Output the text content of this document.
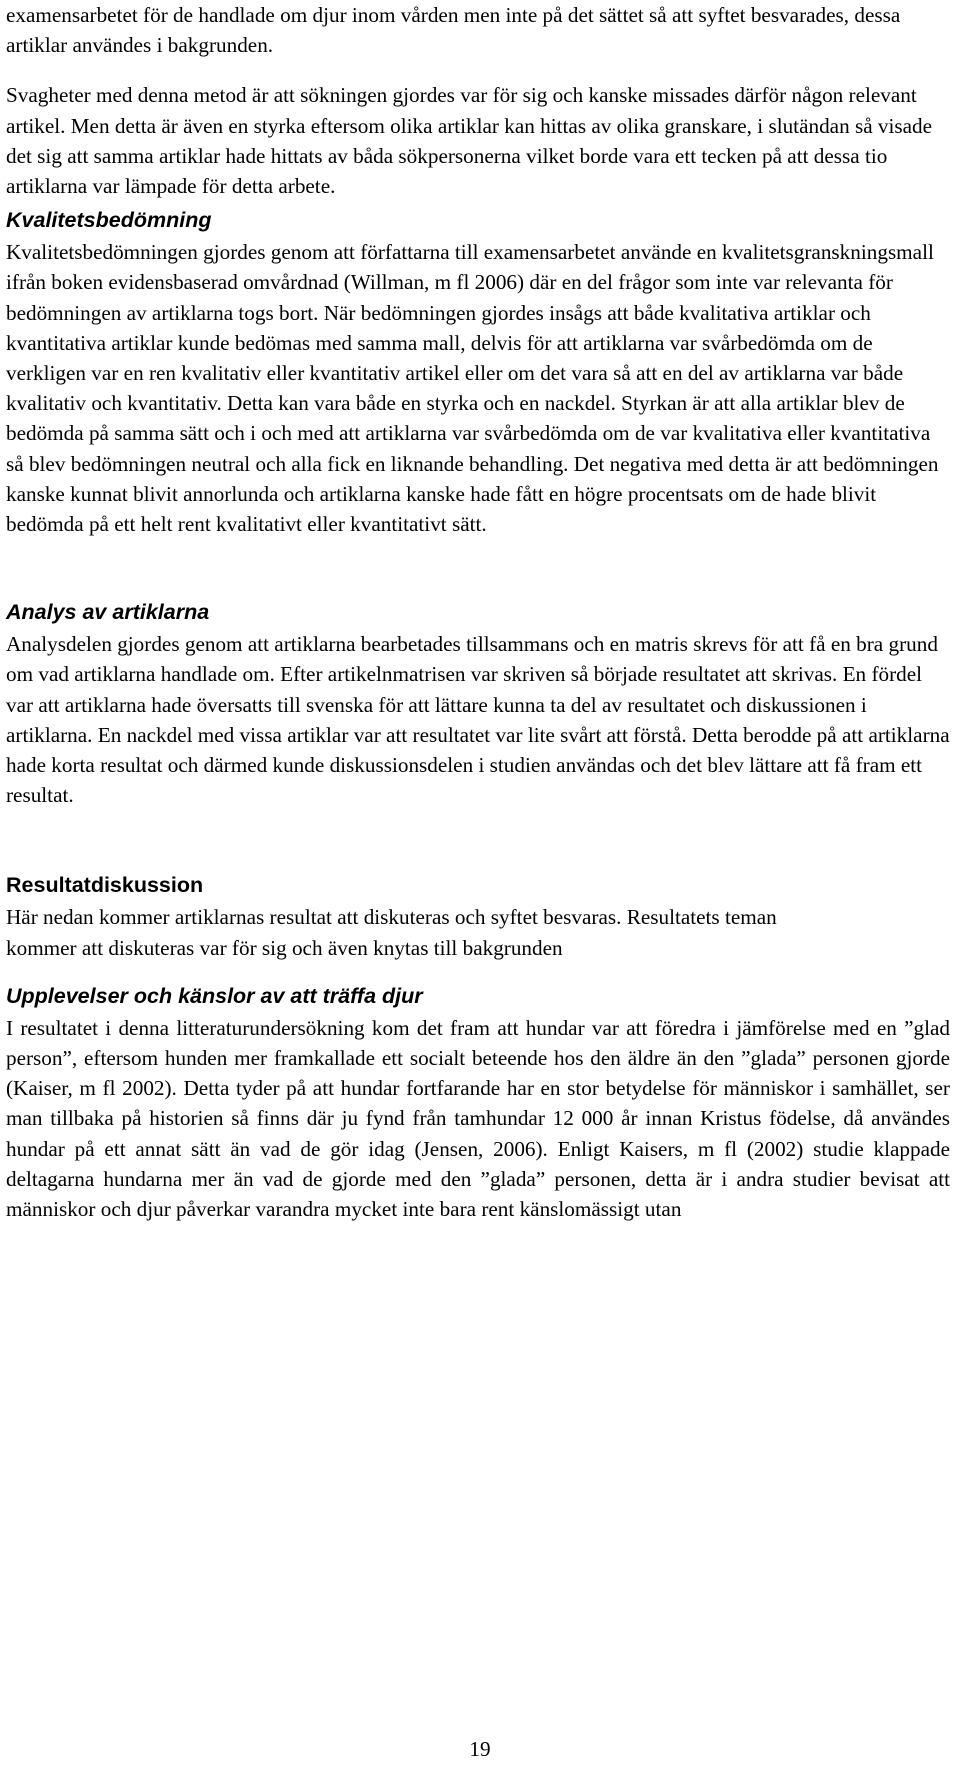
examensarbetet för de handlade om djur inom vården men inte på det sättet så att syftet besvarades, dessa artiklar användes i bakgrunden.

Svagheter med denna metod är att sökningen gjordes var för sig och kanske missades därför någon relevant artikel. Men detta är även en styrka eftersom olika artiklar kan hittas av olika granskare, i slutändan så visade det sig att samma artiklar hade hittats av båda sökpersonerna vilket borde vara ett tecken på att dessa tio artiklarna var lämpade för detta arbete.

Kvalitetsbedömning

Kvalitetsbedömningen gjordes genom att författarna till examensarbetet använde en kvalitetsgranskningsmall ifrån boken evidensbaserad omvårdnad (Willman, m fl 2006) där en del frågor som inte var relevanta för bedömningen av artiklarna togs bort. När bedömningen gjordes insågs att både kvalitativa artiklar och kvantitativa artiklar kunde bedömas med samma mall, delvis för att artiklarna var svårbedömda om de verkligen var en ren kvalitativ eller kvantitativ artikel eller om det vara så att en del av artiklarna var både kvalitativ och kvantitativ. Detta kan vara både en styrka och en nackdel. Styrkan är att alla artiklar blev de bedömda på samma sätt och i och med att artiklarna var svårbedömda om de var kvalitativa eller kvantitativa så blev bedömningen neutral och alla fick en liknande behandling. Det negativa med detta är att bedömningen kanske kunnat blivit annorlunda och artiklarna kanske hade fått en högre procentsats om de hade blivit bedömda på ett helt rent kvalitativt eller kvantitativt sätt.

Analys av artiklarna

Analysdelen gjordes genom att artiklarna bearbetades tillsammans och en matris skrevs för att få en bra grund om vad artiklarna handlade om. Efter artikelnmatrisen var skriven så började resultatet att skrivas. En fördel var att artiklarna hade översatts till svenska för att lättare kunna ta del av resultatet och diskussionen i artiklarna. En nackdel med vissa artiklar var att resultatet var lite svårt att förstå. Detta berodde på att artiklarna hade korta resultat och därmed kunde diskussionsdelen i studien användas och det blev lättare att få fram ett resultat.

Resultatdiskussion

Här nedan kommer artiklarnas resultat att diskuteras och syftet besvaras. Resultatets teman kommer att diskuteras var för sig och även knytas till bakgrunden

Upplevelser och känslor av att träffa djur

I resultatet i denna litteraturundersökning kom det fram att hundar var att föredra i jämförelse med en ”glad person”, eftersom hunden mer framkallade ett socialt beteende hos den äldre än den ”glada” personen gjorde (Kaiser, m fl 2002). Detta tyder på att hundar fortfarande har en stor betydelse för människor i samhället, ser man tillbaka på historien så finns där ju fynd från tamhundar 12 000 år innan Kristus födelse, då användes hundar på ett annat sätt än vad de gör idag (Jensen, 2006). Enligt Kaisers, m fl (2002) studie klappade deltagarna hundarna mer än vad de gjorde med den ”glada” personen, detta är i andra studier bevisat att människor och djur påverkar varandra mycket inte bara rent känslomässigt utan

19
